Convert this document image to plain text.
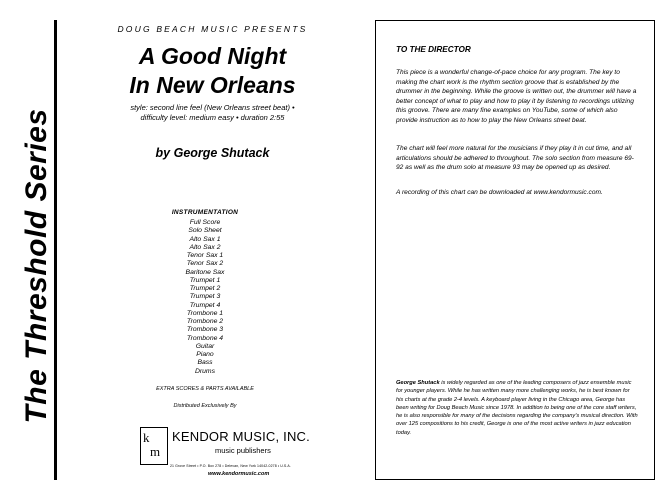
The Threshold Series
DOUG BEACH MUSIC PRESENTS
A Good Night
In New Orleans
style: second line feel (New Orleans street beat) •
difficulty level: medium easy • duration 2:55
by George Shutack
INSTRUMENTATION
Full Score
Solo Sheet
Alto Sax 1
Alto Sax 2
Tenor Sax 1
Tenor Sax 2
Baritone Sax
Trumpet 1
Trumpet 2
Trumpet 3
Trumpet 4
Trombone 1
Trombone 2
Trombone 3
Trombone 4
Guitar
Piano
Bass
Drums
EXTRA SCORES & PARTS AVAILABLE
Distributed Exclusively By
k
m
KENDOR MUSIC, INC.
music publishers
21 Grove Street • P.O. Box 278 • Delevan, New York 14042-0278 • U.S.A.
www.kendormusic.com
TO THE DIRECTOR

This piece is a wonderful change-of-pace choice for any program. The key to making the chart work is the rhythm section groove that is established by the drummer in the beginning. While the groove is written out, the drummer will have a better concept of what to play and how to play it by listening to recordings utilizing this groove. There are many fine examples on YouTube, some of which also provide instruction as to how to play the New Orleans street beat.

The chart will feel more natural for the musicians if they play it in cut time, and all articulations should be adhered to throughout. The solo section from measure 69-92 as well as the drum solo at measure 93 may be opened up as desired.

A recording of this chart can be downloaded at www.kendormusic.com.

George Shutack is widely regarded as one of the leading composers of jazz ensemble music for younger players. While he has written many more challenging works, he is best known for his charts at the grade 2-4 levels. A keyboard player living in the Chicago area, George has been writing for Doug Beach Music since 1978. In addition to being one of the core staff writers, he is also responsible for many of the decisions regarding the company's musical direction. With over 125 compositions to his credit, George is one of the most active writers in jazz education today.
